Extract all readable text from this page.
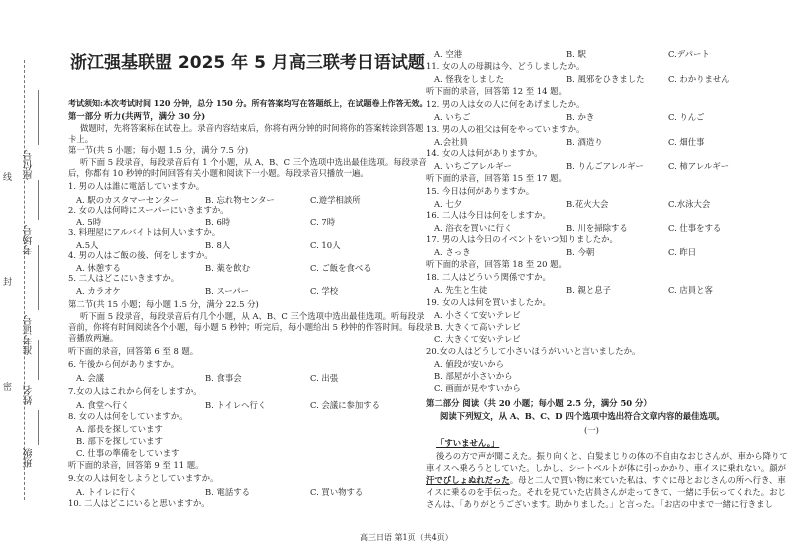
线
封
密
座位号
考场号
准考证号
姓名
班级
浙江强基联盟 2025 年 5 月高三联考日语试题
考试须知:本次考试时间 120 分钟，总分 150 分。所有答案均写在答题纸上，在试题卷上作答无效。
第一部分 听力(共两节，满分 30 分)
做题时，先将答案标在试卷上。录音内容结束后，你将有两分钟的时间将你的答案转涂到答题
卡上。
第一节(共 5 小题；每小题 1.5 分，满分 7.5 分)
听下面 5 段录音，每段录音后有 1 个小题，从 A、B、C 三个选项中选出最佳选项。每段录音
后，你都有 10 秒钟的时间回答有关小题和阅读下一小题。每段录音只播放一遍。
1. 男の人は誰に電話していますか。
A. 駅のカスタマーセンター	B. 忘れ物センター	C.遊学相談所
2. 女の人は何時にスーパーにいきますか。
A. 5時	B. 6時	C. 7時
3. 料理屋にアルバイトは何人いますか。
A.5人	B. 8人	C. 10人
4. 男の人はご飯の後、何をしますか。
A. 休憩する	B. 薬を飲む	C. ご飯を食べる
5. 二人はどこにいきますか。
A. カラオケ	B. スーパー	C. 学校
第二节(共 15 小题；每小题 1.5 分，满分 22.5 分)
听下面 5 段录音，每段录音后有几个小题，从 A、B、C 三个选项中选出最佳选项。听每段录
音前，你将有时间阅读各个小题，每小题 5 秒钟；听完后，每小题给出 5 秒钟的作答时间。每段录
音播放两遍。
听下面的录音，回答第 6 至 8 题。
6. 午後から何がありますか。
A. 会議	B. 食事会	C. 出張
7.女の人はこれから何をしますか。
A. 食堂へ行く	B. トイレへ行く	C. 会議に参加する
8. 女の人は何をしていますか。
A. 部長を探しています
B. 部下を探しています
C. 仕事の準備をしています
听下面的录音，回答第 9 至 11 题。
9.女の人は何をしようとしていますか。
A. トイレに行く	B. 電話する	C. 買い物する
10. 二人はどこにいると思いますか。
A. 空港	B. 駅	C.デパート
11. 女の人の母親は今、どうしましたか。
A. 怪我をしました	B. 風邪をひきました	C. わかりません
听下面的录音，回答第 12 至 14 题。
12. 男の人は女の人に何をあげましたか。
A. いちご	B. かき	C. りんご
13. 男の人の祖父は何をやっていますか。
A.会社員	B. 酒造り	C. 畑仕事
14. 女の人は何がありますか。
A. いちごアレルギー	B. りんごアレルギー	C. 柿アレルギー
听下面的录音，回答第 15 至 17 题。
15. 今日は何がありますか。
A. 七夕	B.花火大会	C.水泳大会
16. 二人は今日は何をしますか。
A. 浴衣を買いに行く	B. 川を掃除する	C. 仕事をする
17. 男の人は今日のイベントをいつ知りましたか。
A. さっき	B. 今朝	C. 昨日
听下面的录音，回答第 18 至 20 题。
18. 二人はどういう関係ですか。
A. 先生と生徒	B. 親と息子	C. 店員と客
19. 女の人は何を買いましたか。
A. 小さくて安いテレビ
B. 大きくて高いテレビ
C. 大きくて安いテレビ
20.女の人はどうして小さいほうがいいと言いましたか。
A. 値段が安いから
B. 部屋が小さいから
C. 画面が見やすいから
第二部分 阅读（共 20 小题；每小题 2.5 分，满分 50 分）
阅读下列短文，从 A、B、C、D 四个选项中选出符合文章内容的最佳选项。
(一)
「すいません。」
後ろの方で声が聞こえた。振り向くと、白髪まじりの体の不自由なおじさんが、車から降りて
車イスへ乗ろうとしていた。しかし、シートベルトが体に引っかかり、車イスに乗れない。顔が
汗でびしょぬれだった。母と二人で買い物に来ていた私は、すぐに母とおじさんの所へ行き、車
イスに乗るのを手伝った。それを見ていた店員さんが走ってきて、一緒に手伝ってくれた。おじ
さんは、「ありがとうございます。助かりました。」と言った。「お店の中まで一緒に行きまし
高三日语 第1页（共4页）
